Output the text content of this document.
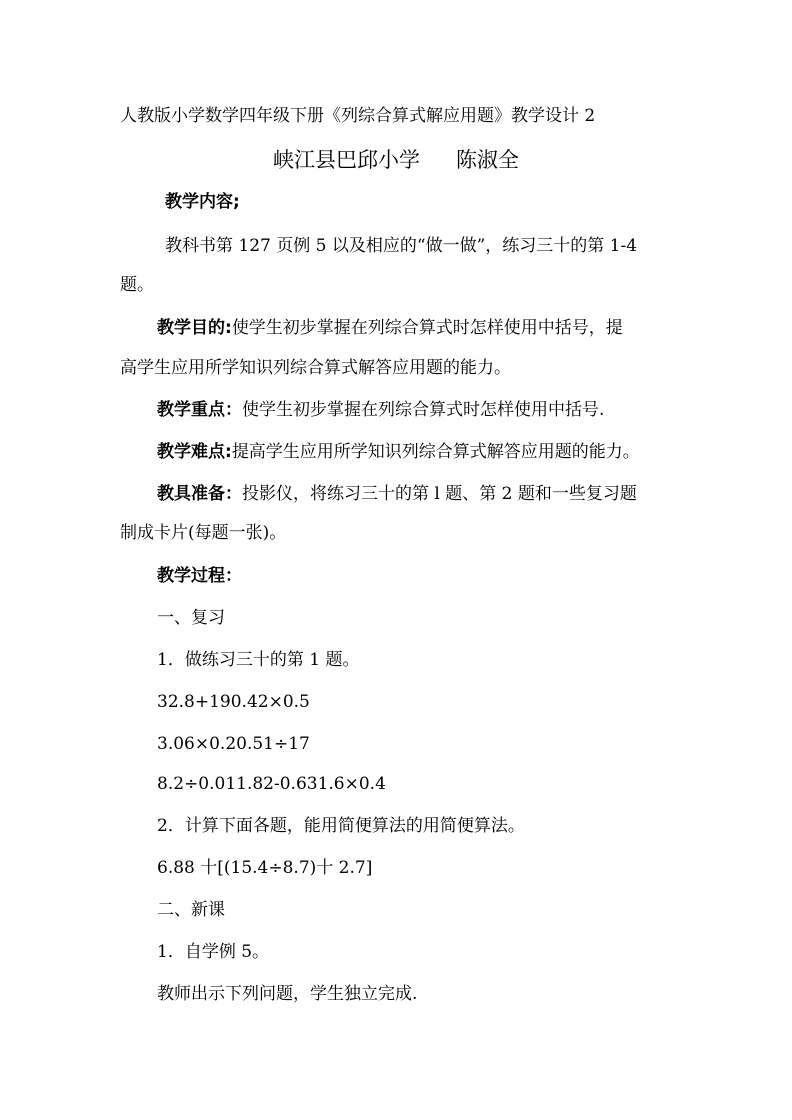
人教版小学数学四年级下册《列综合算式解应用题》教学设计 2
峡江县巴邱小学 陈淑全
教学内容;
教科书第 127 页例 5 以及相应的“做一做”，练习三十的第 1-4
题。
教学目的:使学生初步掌握在列综合算式时怎样使用中括号，提
高学生应用所学知识列综合算式解答应用题的能力。
教学重点：使学生初步掌握在列综合算式时怎样使用中括号.
教学难点:提高学生应用所学知识列综合算式解答应用题的能力。
教具准备：投影仪，将练习三十的第 l 题、第 2 题和一些复习题
制成卡片(每题一张)。
教学过程：
一、复习
1．做练习三十的第 1 题。
32.8+190.42×0.5
3.06×0.20.51÷17
8.2÷0.011.82-0.631.6×0.4
2．计算下面各题，能用简便算法的用简便算法。
6.88 十[(15.4÷8.7)十 2.7]
二、新课
1．自学例 5。
教师出示下列问题，学生独立完成.
